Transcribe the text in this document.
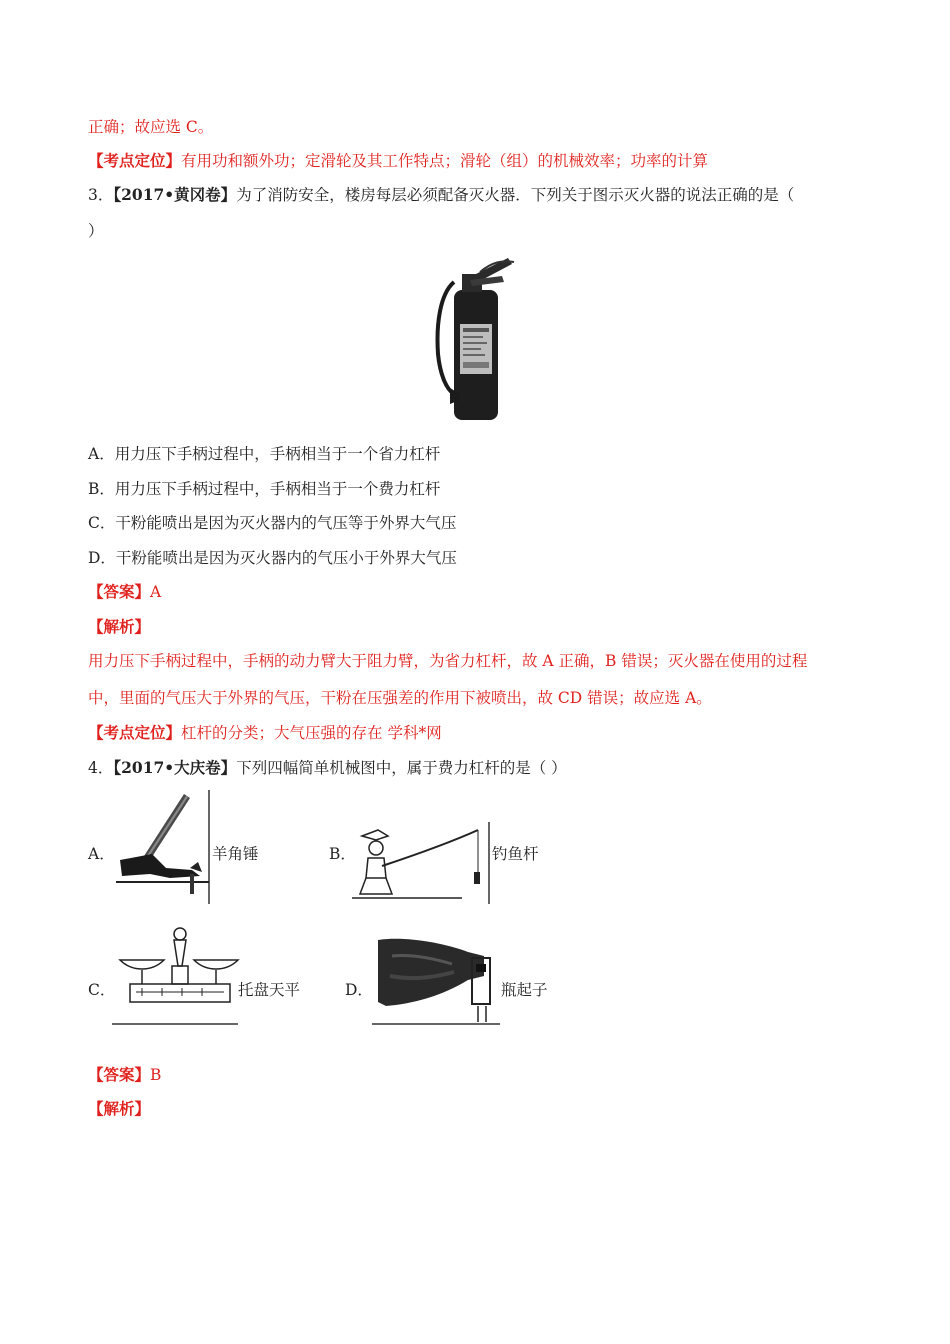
正确；故应选 C。
【考点定位】有用功和额外功；定滑轮及其工作特点；滑轮（组）的机械效率；功率的计算
3．【2017•黄冈卷】为了消防安全，楼房每层必须配备灭火器．下列关于图示灭火器的说法正确的是（
）
A．用力压下手柄过程中，手柄相当于一个省力杠杆
B．用力压下手柄过程中，手柄相当于一个费力杠杆
C．干粉能喷出是因为灭火器内的气压等于外界大气压
D．干粉能喷出是因为灭火器内的气压小于外界大气压
【答案】A
【解析】
用力压下手柄过程中，手柄的动力臂大于阻力臂，为省力杠杆，故 A 正确，B 错误；灭火器在使用的过程
中，里面的气压大于外界的气压，干粉在压强差的作用下被喷出，故 CD 错误；故应选 A。
【考点定位】杠杆的分类；大气压强的存在 学科*网
4．【2017•大庆卷】下列四幅简单机械图中，属于费力杠杆的是（ ）
A．	羊角锤	B．	钓鱼杆
C．	托盘天平	D．	瓶起子
【答案】B
【解析】
